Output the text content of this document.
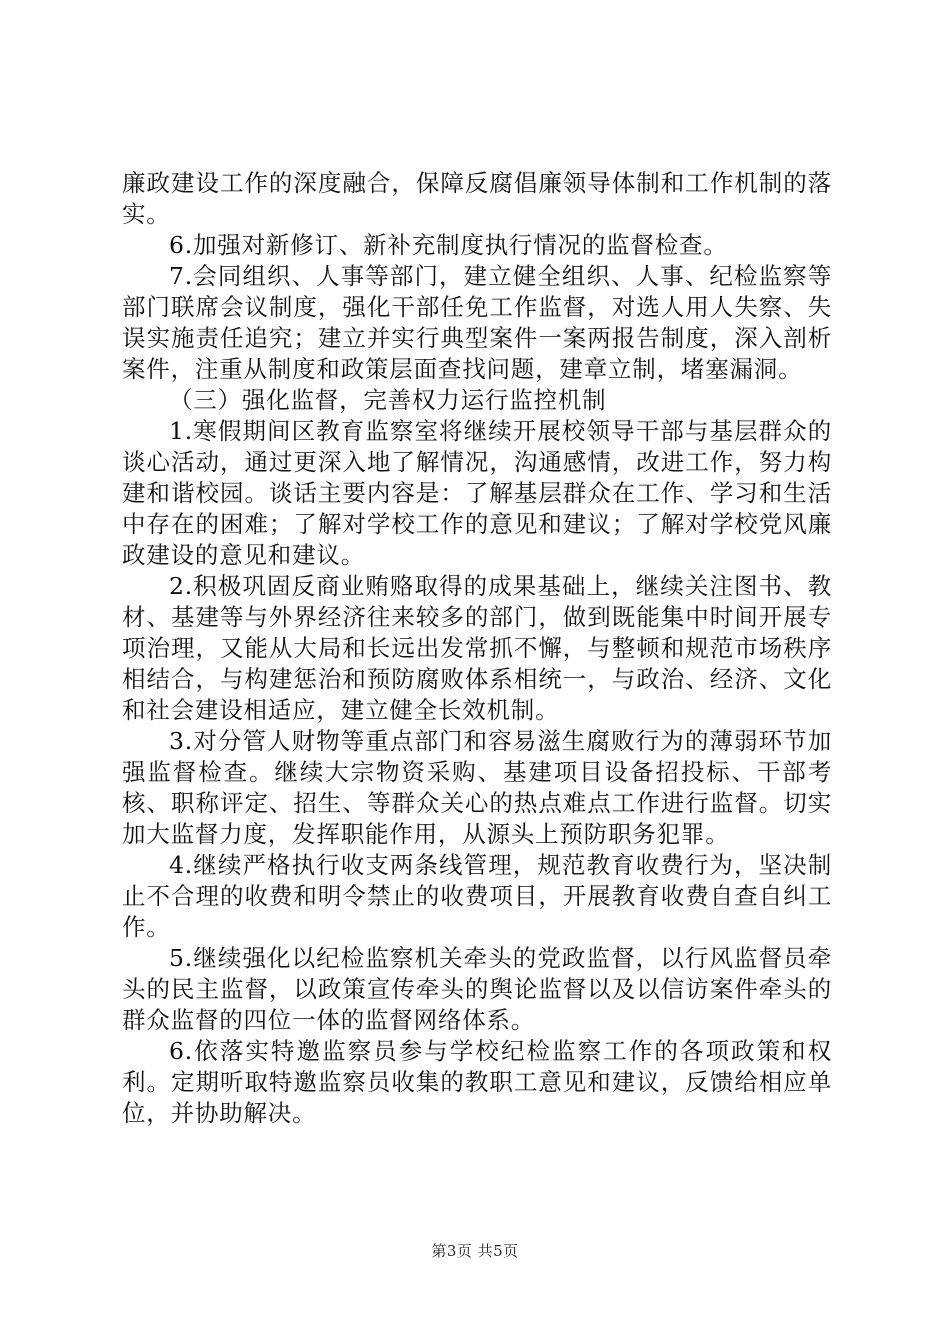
廉政建设工作的深度融合，保障反腐倡廉领导体制和工作机制的落实。

6.加强对新修订、新补充制度执行情况的监督检查。

7.会同组织、人事等部门，建立健全组织、人事、纪检监察等部门联席会议制度，强化干部任免工作监督，对选人用人失察、失误实施责任追究；建立并实行典型案件一案两报告制度，深入剖析案件，注重从制度和政策层面查找问题，建章立制，堵塞漏洞。

（三）强化监督，完善权力运行监控机制

1.寒假期间区教育监察室将继续开展校领导干部与基层群众的谈心活动，通过更深入地了解情况，沟通感情，改进工作，努力构建和谐校园。谈话主要内容是：了解基层群众在工作、学习和生活中存在的困难；了解对学校工作的意见和建议；了解对学校党风廉政建设的意见和建议。

2.积极巩固反商业贿赂取得的成果基础上，继续关注图书、教材、基建等与外界经济往来较多的部门，做到既能集中时间开展专项治理，又能从大局和长远出发常抓不懈，与整顿和规范市场秩序相结合，与构建惩治和预防腐败体系相统一，与政治、经济、文化和社会建设相适应，建立健全长效机制。

3.对分管人财物等重点部门和容易滋生腐败行为的薄弱环节加强监督检查。继续大宗物资采购、基建项目设备招投标、干部考核、职称评定、招生、等群众关心的热点难点工作进行监督。切实加大监督力度，发挥职能作用，从源头上预防职务犯罪。

4.继续严格执行收支两条线管理，规范教育收费行为，坚决制止不合理的收费和明令禁止的收费项目，开展教育收费自查自纠工作。

5.继续强化以纪检监察机关牵头的党政监督，以行风监督员牵头的民主监督，以政策宣传牵头的舆论监督以及以信访案件牵头的群众监督的四位一体的监督网络体系。

6.依落实特邀监察员参与学校纪检监察工作的各项政策和权利。定期听取特邀监察员收集的教职工意见和建议，反馈给相应单位，并协助解决。

第3页 共5页
